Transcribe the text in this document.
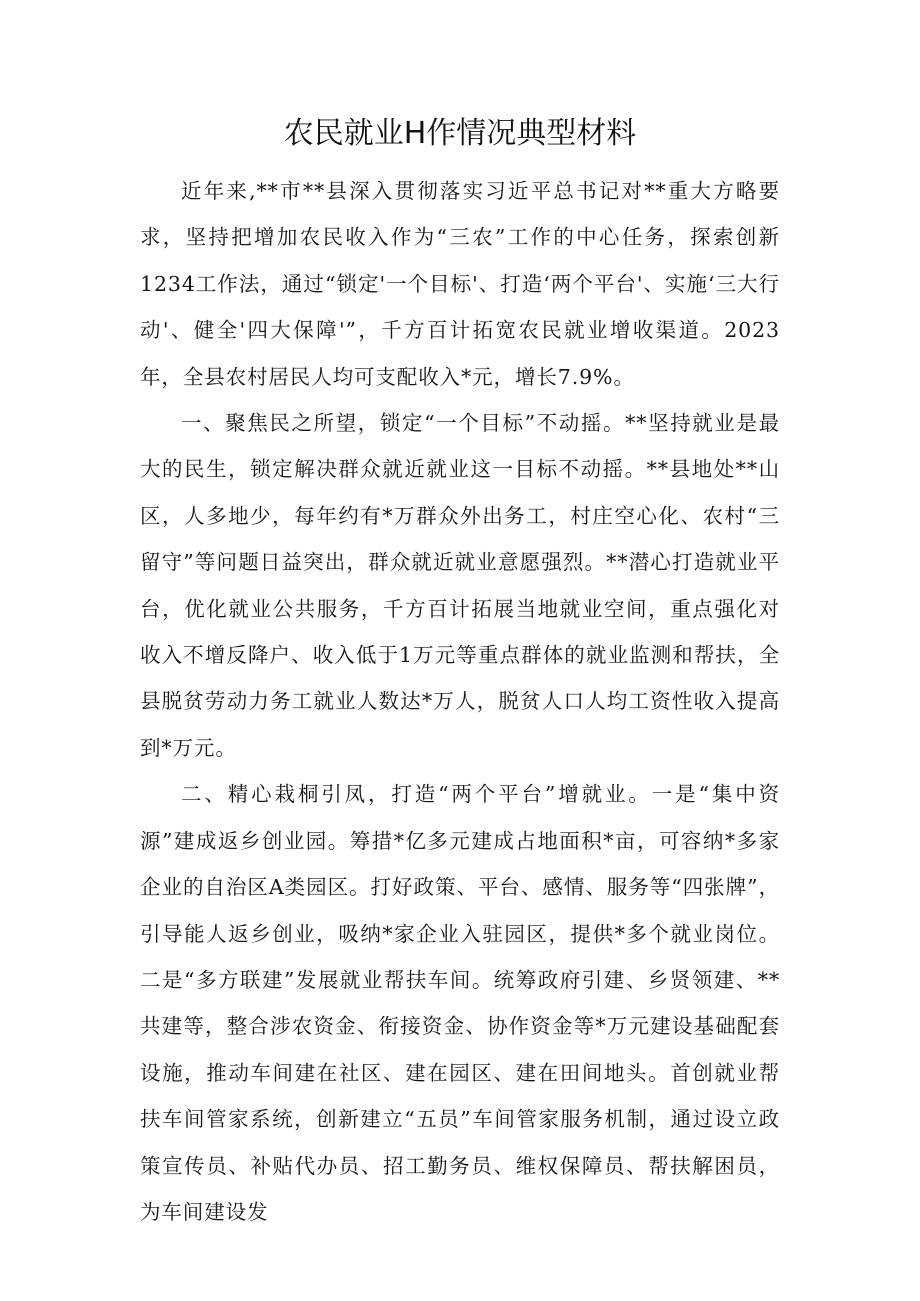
农民就业H作情况典型材料

近年来,**市**县深入贯彻落实习近平总书记对**重大方略要求，坚持把增加农民收入作为“三农”工作的中心任务，探索创新1234工作法，通过“锁定'一个目标'、打造‘两个平台'、实施‘三大行动'、健全'四大保障'”，千方百计拓宽农民就业增收渠道。2023年，全县农村居民人均可支配收入*元，增长7.9%。

一、聚焦民之所望，锁定“一个目标”不动摇。**坚持就业是最大的民生，锁定解决群众就近就业这一目标不动摇。**县地处**山区，人多地少，每年约有*万群众外出务工，村庄空心化、农村“三留守”等问题日益突出，群众就近就业意愿强烈。**潜心打造就业平台，优化就业公共服务，千方百计拓展当地就业空间，重点强化对收入不增反降户、收入低于1万元等重点群体的就业监测和帮扶，全县脱贫劳动力务工就业人数达*万人，脱贫人口人均工资性收入提高到*万元。

二、精心栽桐引凤，打造“两个平台”增就业。一是“集中资源”建成返乡创业园。筹措*亿多元建成占地面积*亩，可容纳*多家企业的自治区A类园区。打好政策、平台、感情、服务等“四张牌”，引导能人返乡创业，吸纳*家企业入驻园区，提供*多个就业岗位。二是“多方联建”发展就业帮扶车间。统筹政府引建、乡贤领建、**共建等，整合涉农资金、衔接资金、协作资金等*万元建设基础配套设施，推动车间建在社区、建在园区、建在田间地头。首创就业帮扶车间管家系统，创新建立“五员”车间管家服务机制，通过设立政策宣传员、补贴代办员、招工勤务员、维权保障员、帮扶解困员，为车间建设发
